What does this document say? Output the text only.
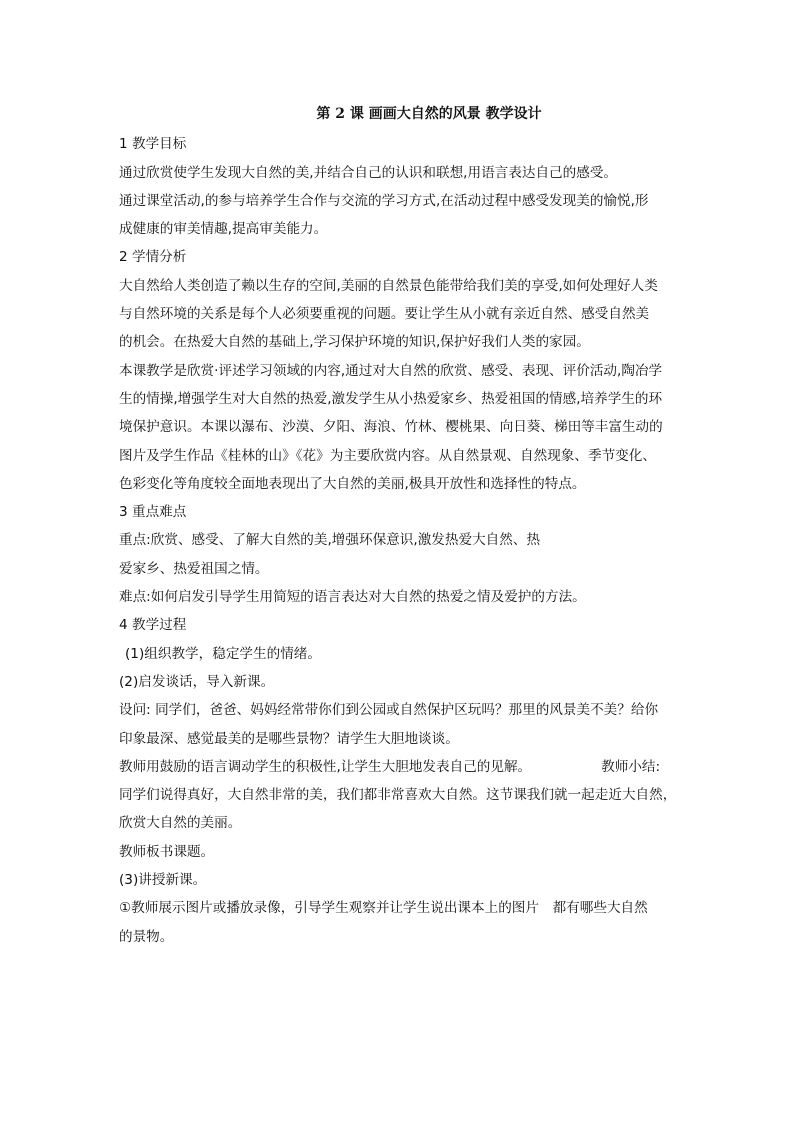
第 2 课 画画大自然的风景 教学设计

1 教学目标

通过欣赏使学生发现大自然的美,并结合自己的认识和联想,用语言表达自己的感受。

通过课堂活动,的参与培养学生合作与交流的学习方式,在活动过程中感受发现美的愉悦,形

成健康的审美情趣,提高审美能力。

2 学情分析

大自然给人类创造了赖以生存的空间,美丽的自然景色能带给我们美的享受,如何处理好人类

与自然环境的关系是每个人必须要重视的问题。要让学生从小就有亲近自然、感受自然美

的机会。在热爱大自然的基础上,学习保护环境的知识,保护好我们人类的家园。

本课教学是欣赏·评述学习领域的内容,通过对大自然的欣赏、感受、表现、评价活动,陶冶学

生的情操,增强学生对大自然的热爱,激发学生从小热爱家乡、热爱祖国的情感,培养学生的环

境保护意识。本课以瀑布、沙漠、夕阳、海浪、竹林、樱桃果、向日葵、梯田等丰富生动的

图片及学生作品《桂林的山》《花》为主要欣赏内容。从自然景观、自然现象、季节变化、

色彩变化等角度较全面地表现出了大自然的美丽,极具开放性和选择性的特点。

3 重点难点

重点:欣赏、感受、了解大自然的美,增强环保意识,激发热爱大自然、热

爱家乡、热爱祖国之情。

难点:如何启发引导学生用简短的语言表达对大自然的热爱之情及爱护的方法。

4 教学过程

(1)组织教学，稳定学生的情绪。

(2)启发谈话，导入新课。

设问: 同学们，爸爸、妈妈经常带你们到公园或自然保护区玩吗？那里的风景美不美？给你

印象最深、感觉最美的是哪些景物？请学生大胆地谈谈。

教师用鼓励的语言调动学生的积极性,让学生大胆地发表自己的见解。	教师小结:

同学们说得真好，大自然非常的美，我们都非常喜欢大自然。这节课我们就一起走近大自然，

欣赏大自然的美丽。

教师板书课题。

(3)讲授新课。

①教师展示图片或播放录像，引导学生观察并让学生说出课本上的图片　都有哪些大自然

的景物。
